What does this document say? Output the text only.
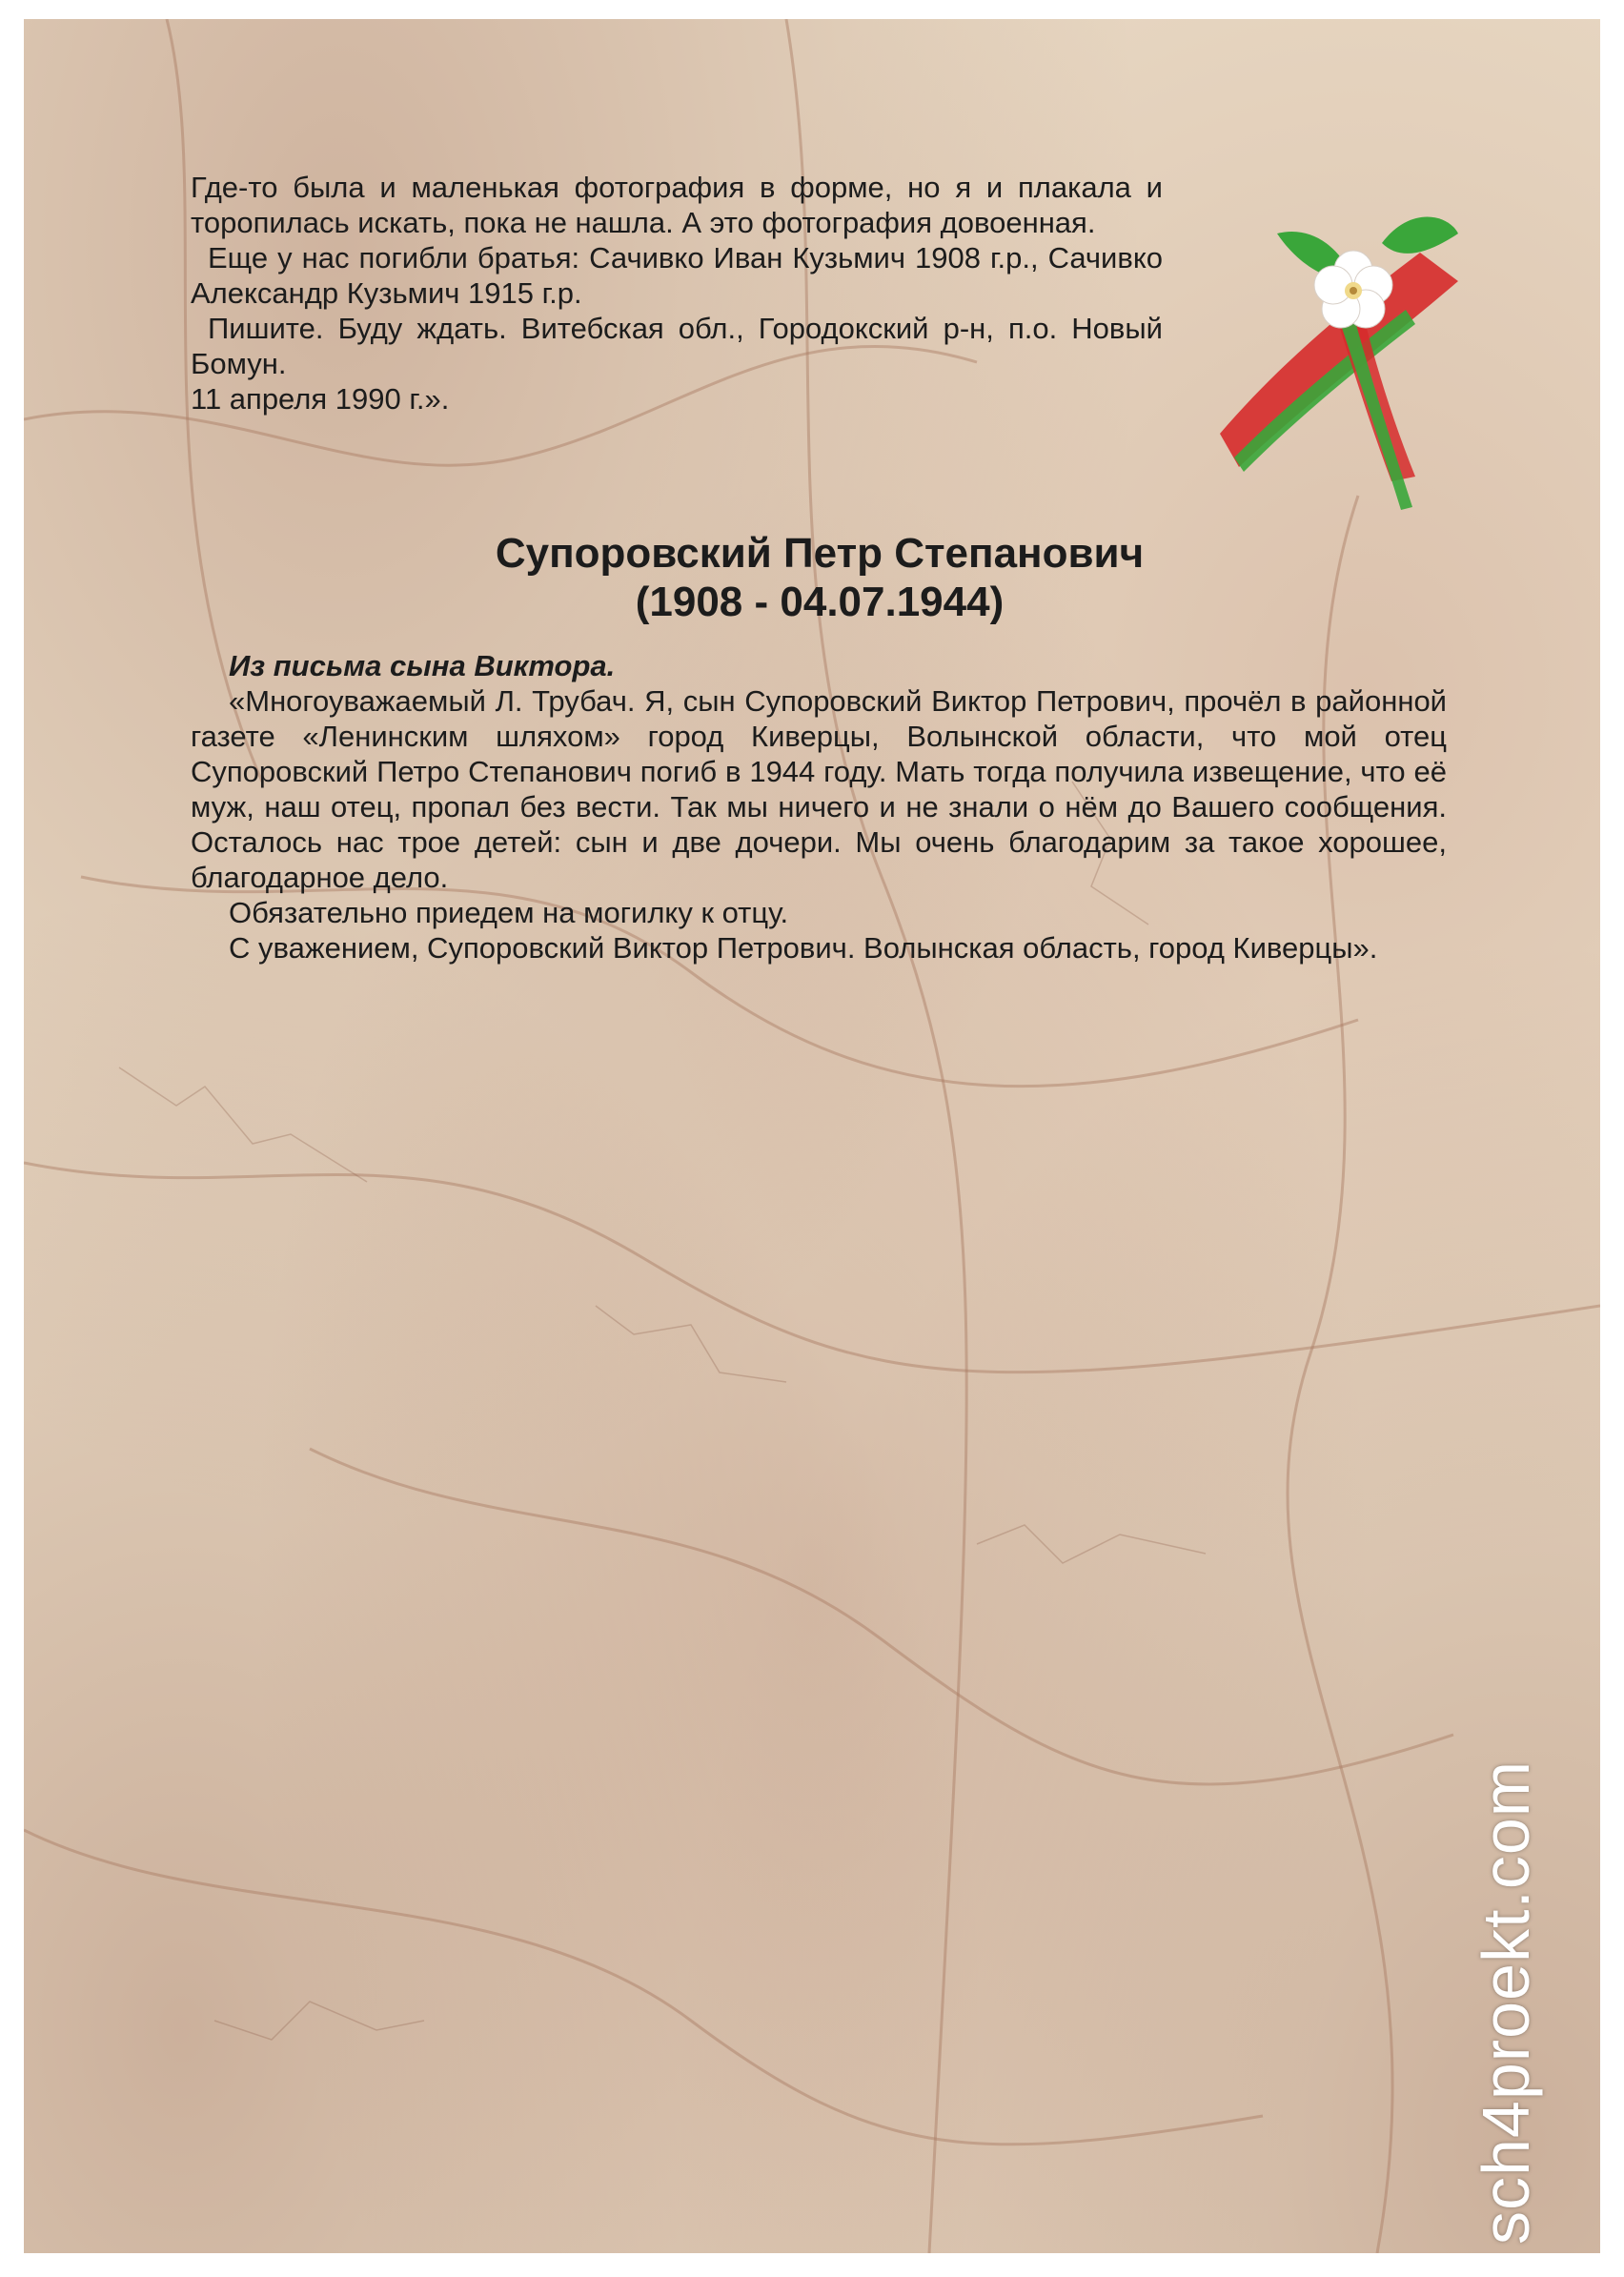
Где-то была и маленькая фотография в форме, но я и плакала и торопилась искать, пока не нашла. А это фотография довоенная.

Еще у нас погибли братья: Сачивко Иван Кузьмич 1908 г.р., Сачивко Александр Кузьмич 1915 г.р.

Пишите. Буду ждать. Витебская обл., Городокский р-н, п.о. Новый Бомун.

11 апреля 1990 г.».

Супоровский Петр Степанович
(1908 - 04.07.1944)

Из письма сына Виктора.

«Многоуважаемый Л. Трубач. Я, сын Супоровский Виктор Петрович, прочёл в районной газете «Ленинским шляхом» город Киверцы, Волынской области, что мой отец Супоровский Петро Степанович погиб в 1944 году. Мать тогда получила извещение, что её муж, наш отец, пропал без вести. Так мы ничего и не знали о нём до Вашего сообщения. Осталось нас трое детей: сын и две дочери. Мы очень благодарим за такое хорошее, благодарное дело.

Обязательно приедем на могилку к отцу.

С уважением, Супоровский Виктор Петрович. Волынская область, город Киверцы».

sch4proekt.com
